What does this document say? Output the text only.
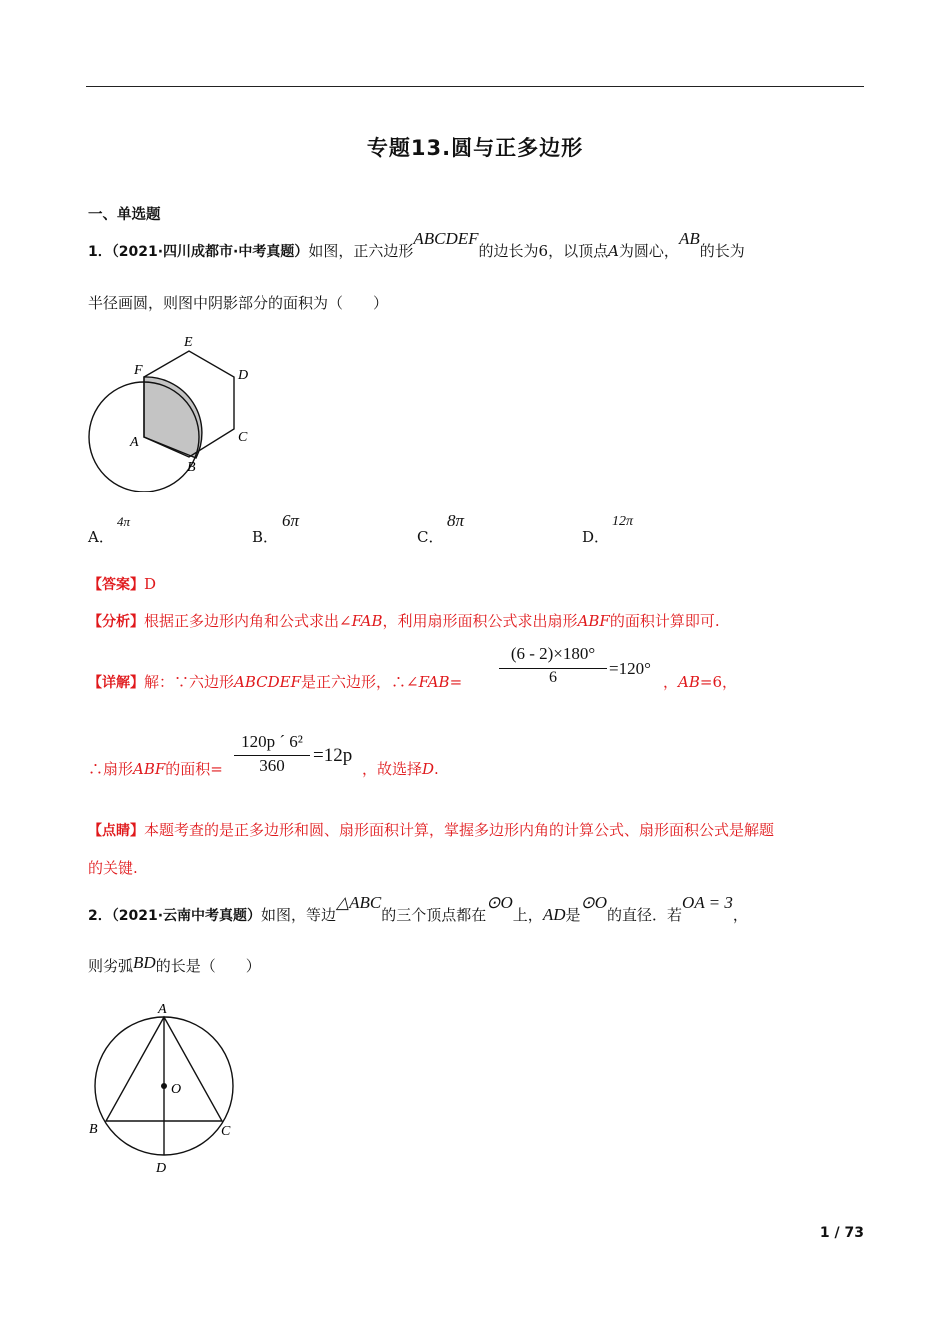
专题13.圆与正多边形
一、单选题
1．（2021·四川成都市·中考真题）如图，正六边形ABCDEF的边长为6，以顶点A为圆心，AB的长为
半径画圆，则图中阴影部分的面积为（　　）
E
F	D
A	C
B
A．
4π
B．
6π
C．
8π
D．
12π
【答案】D
【分析】根据正多边形内角和公式求出∠FAB，利用扇形面积公式求出扇形ABF的面积计算即可.
【详解】解：∵六边形ABCDEF是正六边形，∴∠FAB=
(6 - 2)×180°
6	=120°
，AB=6，
∴扇形ABF的面积=
120p ´ 6²
360	=12p
，故选择D.
【点睛】本题考查的是正多边形和圆、扇形面积计算，掌握多边形内角的计算公式、扇形面积公式是解题
的关键.
2．（2021·云南中考真题）如图，等边△ABC的三个顶点都在⊙O上，AD是⊙O的直径．若OA = 3，
则劣弧BD的长是（　　）
A
O
B	C
D
1 / 73
